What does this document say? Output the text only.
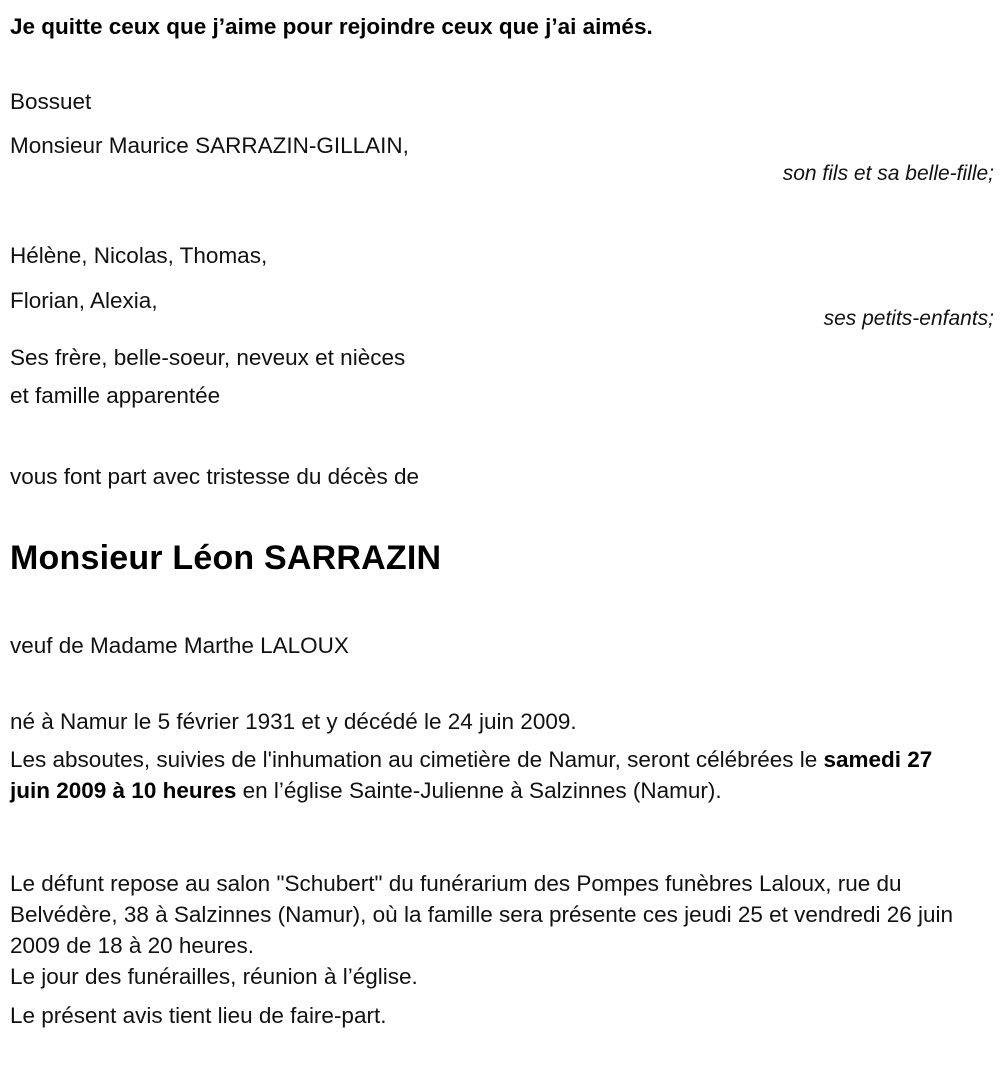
Je quitte ceux que j’aime pour rejoindre ceux que j’ai aimés.
Bossuet
Monsieur Maurice SARRAZIN-GILLAIN,
son fils et sa belle-fille;
Hélène, Nicolas, Thomas,
Florian, Alexia,
ses petits-enfants;
Ses frère, belle-soeur, neveux et nièces
et famille apparentée
vous font part avec tristesse du décès de
Monsieur Léon SARRAZIN
veuf de Madame Marthe LALOUX
né à Namur le 5 février 1931 et y décédé le 24 juin 2009.
Les absoutes, suivies de l'inhumation au cimetière de Namur, seront célébrées le samedi 27 juin 2009 à 10 heures en l’église Sainte-Julienne à Salzinnes (Namur).
Le défunt repose au salon "Schubert" du funérarium des Pompes funèbres Laloux, rue du Belvédère, 38 à Salzinnes (Namur), où la famille sera présente ces jeudi 25 et vendredi 26 juin 2009 de 18 à 20 heures.
Le jour des funérailles, réunion à l’église.
Le présent avis tient lieu de faire-part.
